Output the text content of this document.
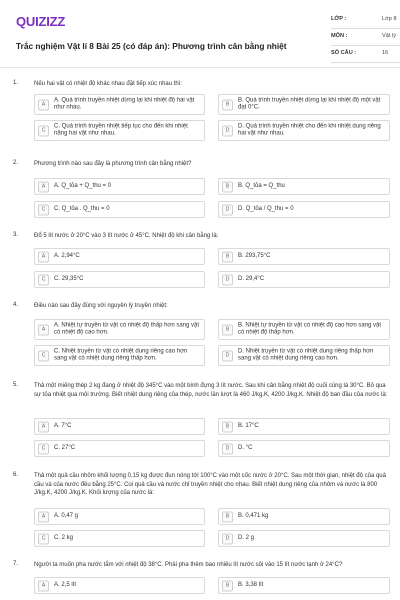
QUIZIZZ
Trắc nghiệm Vật lí 8 Bài 25 (có đáp án): Phương trình cân bằng nhiệt
LỚP :	Lớp 8
MÔN :	Vật lý
SỐ CÂU :	16
1.	Nếu hai vật có nhiệt độ khác nhau đặt tiếp xúc nhau thì:
A
A. Quá trình truyền nhiệt dừng lại khi nhiệt độ hai vật như nhau.
B
B. Quá trình truyền nhiệt dừng lại khi nhiệt độ một vật đạt 0°C.
C
C. Quá trình truyền nhiệt tiếp tục cho đến khi nhiệt năng hai vật như nhau.
D
D. Quá trình truyền nhiệt cho đến khi nhiệt dung riêng hai vật như nhau.
2.	Phương trình nào sau đây là phương trình cân bằng nhiệt?
A	A. Q_tỏa + Q_thu = 0	B	B. Q_tỏa = Q_thu
C	C. Q_tỏa . Q_thu = 0	D	D. Q_tỏa / Q_thu = 0
3.	Đổ 5 lít nước ở 20°C vào 3 lít nước ở 45°C. Nhiệt độ khi cân bằng là:
A	A. 2,94°C	B	B. 293,75°C
C	C. 29,35°C	D	D. 29,4°C
4.	Điều nào sau đây đúng với nguyên lý truyền nhiệt:
A
A. Nhiệt tự truyền từ vật có nhiệt độ thấp hơn sang vật có nhiệt độ cao hơn.
B
B. Nhiệt tự truyền từ vật có nhiệt độ cao hơn sang vật có nhiệt độ thấp hơn.
C
C. Nhiệt truyền từ vật có nhiệt dung riêng cao hơn sang vật có nhiệt dung riêng thấp hơn.
D
D. Nhiệt truyền từ vật có nhiệt dung riêng thấp hơn sang vật có nhiệt dung riêng cao hơn.
5.	Thả một miếng thép 2 kg đang ở nhiệt độ 345°C vào một bình đựng 3 lít nước. Sau khi cân bằng nhiệt độ cuối cùng là 30°C. Bỏ qua sự tỏa nhiệt qua môi trường. Biết nhiệt dung riêng của thép, nước lần lượt là 460 J/kg.K, 4200 J/kg.K. Nhiệt độ ban đầu của nước là:
A	A. 7°C	B	B. 17°C
C	C. 27°C	D	D. °C
6.	Thả một quả cầu nhôm khối lượng 0,15 kg được đun nóng tới 100°C vào một cốc nước ở 20°C. Sau một thời gian, nhiệt độ của quả cầu và của nước đều bằng 25°C. Coi quả cầu và nước chỉ truyền nhiệt cho nhau. Biết nhiệt dung riêng của nhôm và nước là 800 J/kg.K, 4200 J/kg.K. Khối lượng của nước là:
A	A. 0,47 g	B	B. 0,471 kg
C	C. 2 kg	D	D. 2 g
7.	Người ta muốn pha nước tắm với nhiệt độ 38°C. Phải pha thêm bao nhiêu lít nước sôi vào 15 lít nước lạnh ở 24°C?
A	A. 2,5 lít	B	B. 3,38 lít
